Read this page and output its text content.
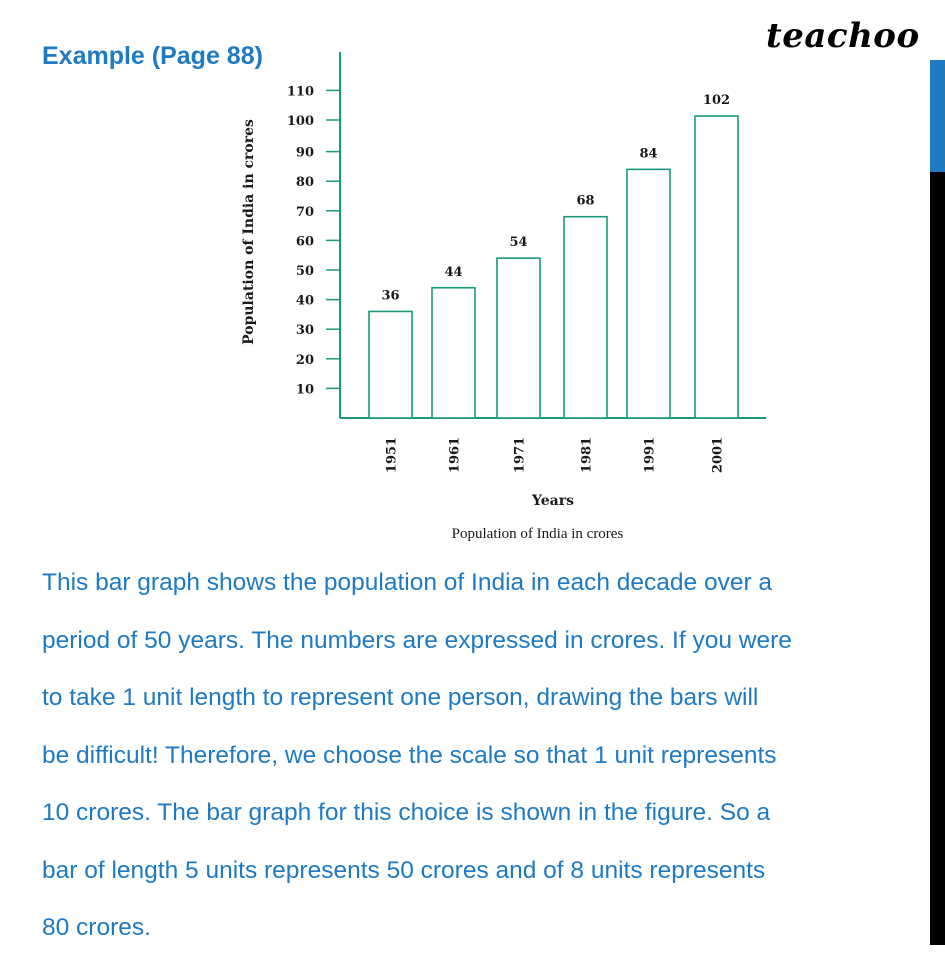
Example (Page 88)	teachoo
10
20
30
40
50
60
70
80
90
100
110
Population of India in crores	36
1951
44
1961
54
1971
68
1981
84
1991
102
2001
Years
Population of India in crores
This bar graph shows the population of India in each decade over a
period of 50 years. The numbers are expressed in crores. If you were
to take 1 unit length to represent one person, drawing the bars will
be difficult! Therefore, we choose the scale so that 1 unit represents
10 crores. The bar graph for this choice is shown in the figure. So a
bar of length 5 units represents 50 crores and of 8 units represents
80 crores.
